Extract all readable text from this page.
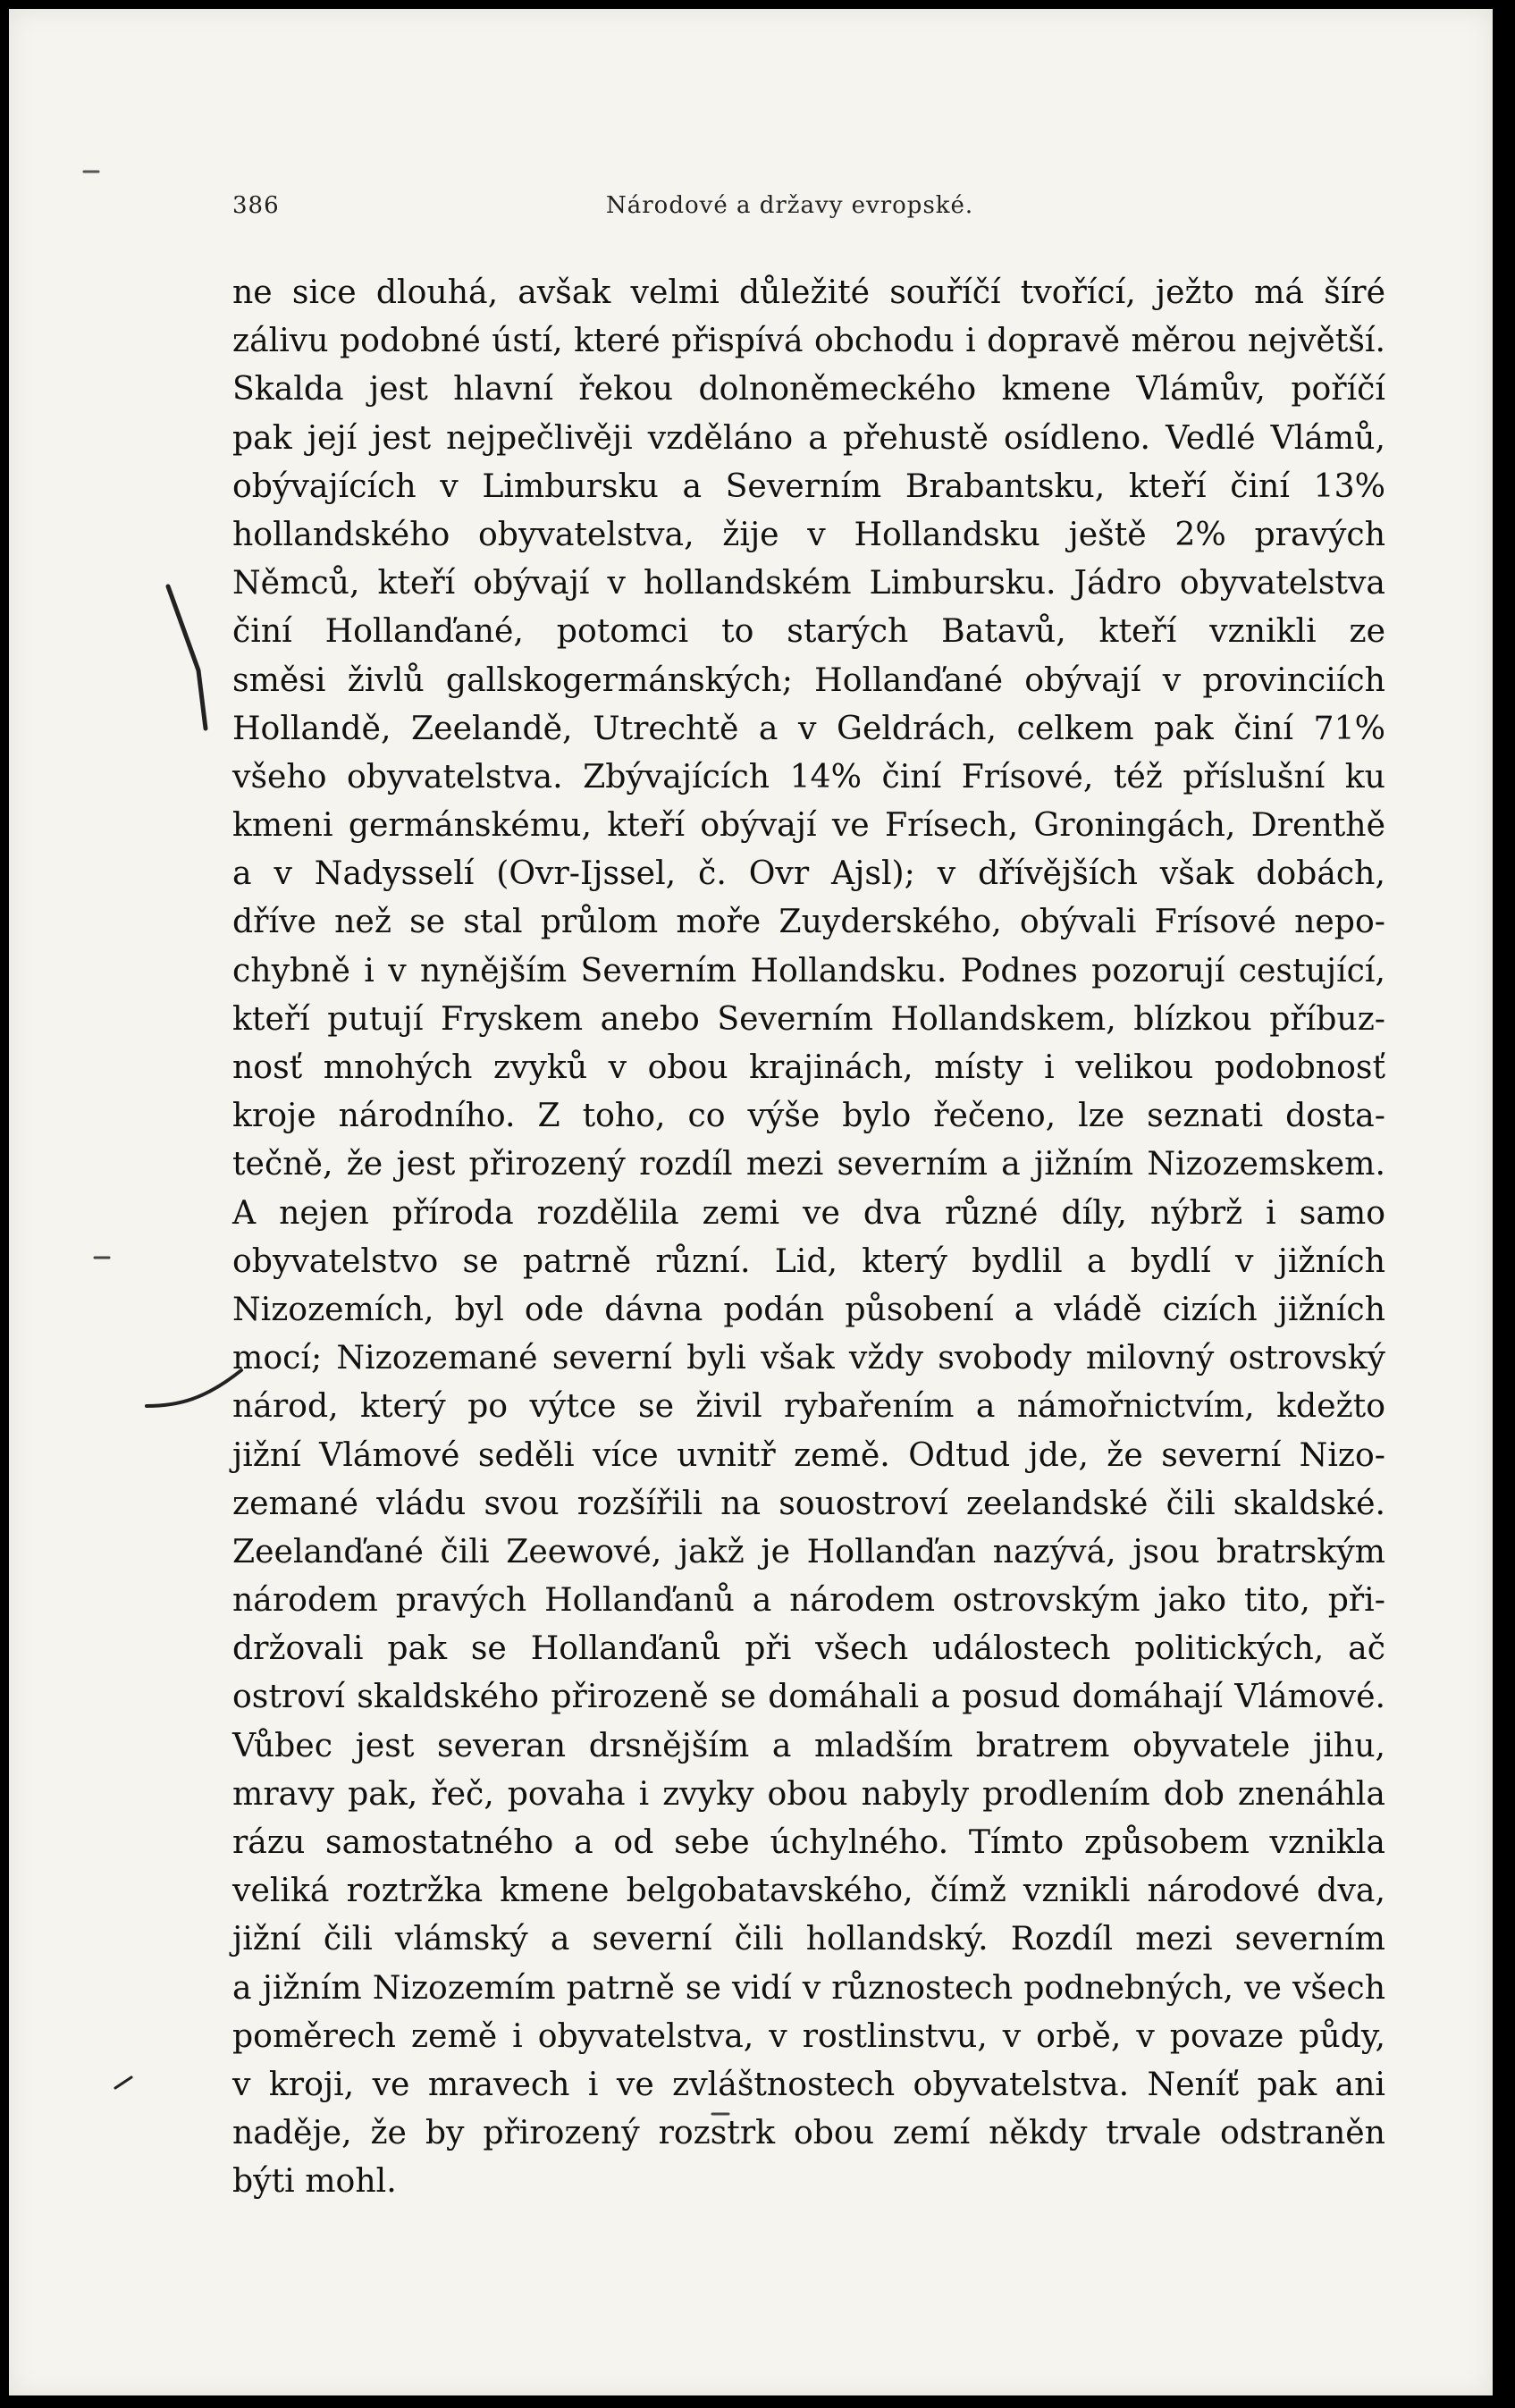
386	Národové a državy evropské.
ne sice dlouhá, avšak velmi důležité souříčí tvořící, ježto má šíré
zálivu podobné ústí, které přispívá obchodu i dopravě měrou největší.
Skalda jest hlavní řekou dolnoněmeckého kmene Vlámův, poříčí
pak její jest nejpečlivěji vzděláno a přehustě osídleno. Vedlé Vlámů,
obývajících v Limbursku a Severním Brabantsku, kteří činí 13%
hollandského obyvatelstva, žije v Hollandsku ještě 2% pravých
Němců, kteří obývají v hollandském Limbursku. Jádro obyvatelstva
činí Hollanďané, potomci to starých Batavů, kteří vznikli ze
směsi živlů gallskogermánských; Hollanďané obývají v provinciích
Hollandě, Zeelandě, Utrechtě a v Geldrách, celkem pak činí 71%
všeho obyvatelstva. Zbývajících 14% činí Frísové, též příslušní ku
kmeni germánskému, kteří obývají ve Frísech, Groningách, Drenthě
a v Nadysselí (Ovr-Ijssel, č. Ovr Ajsl); v dřívějších však dobách,
dříve než se stal průlom moře Zuyderského, obývali Frísové nepo-
chybně i v nynějším Severním Hollandsku. Podnes pozorují cestující,
kteří putují Fryskem anebo Severním Hollandskem, blízkou příbuz-
nosť mnohých zvyků v obou krajinách, místy i velikou podobnosť
kroje národního. Z toho, co výše bylo řečeno, lze seznati dosta-
tečně, že jest přirozený rozdíl mezi severním a jižním Nizozemskem.
A nejen příroda rozdělila zemi ve dva různé díly, nýbrž i samo
obyvatelstvo se patrně různí. Lid, který bydlil a bydlí v jižních
Nizozemích, byl ode dávna podán působení a vládě cizích jižních
mocí; Nizozemané severní byli však vždy svobody milovný ostrovský
národ, který po výtce se živil rybařením a námořnictvím, kdežto
jižní Vlámové seděli více uvnitř země. Odtud jde, že severní Nizo-
zemané vládu svou rozšířili na souostroví zeelandské čili skaldské.
Zeelanďané čili Zeewové, jakž je Hollanďan nazývá, jsou bratrským
národem pravých Hollanďanů a národem ostrovským jako tito, při-
držovali pak se Hollanďanů při všech událostech politických, ač
ostroví skaldského přirozeně se domáhali a posud domáhají Vlámové.
Vůbec jest severan drsnějším a mladším bratrem obyvatele jihu,
mravy pak, řeč, povaha i zvyky obou nabyly prodlením dob znenáhla
rázu samostatného a od sebe úchylného. Tímto způsobem vznikla
veliká roztržka kmene belgobatavského, čímž vznikli národové dva,
jižní čili vlámský a severní čili hollandský. Rozdíl mezi severním
a jižním Nizozemím patrně se vidí v různostech podnebných, ve všech
poměrech země i obyvatelstva, v rostlinstvu, v orbě, v povaze půdy,
v kroji, ve mravech i ve zvláštnostech obyvatelstva. Neníť pak ani
naděje, že by přirozený rozstrk obou zemí někdy trvale odstraněn
býti mohl.
